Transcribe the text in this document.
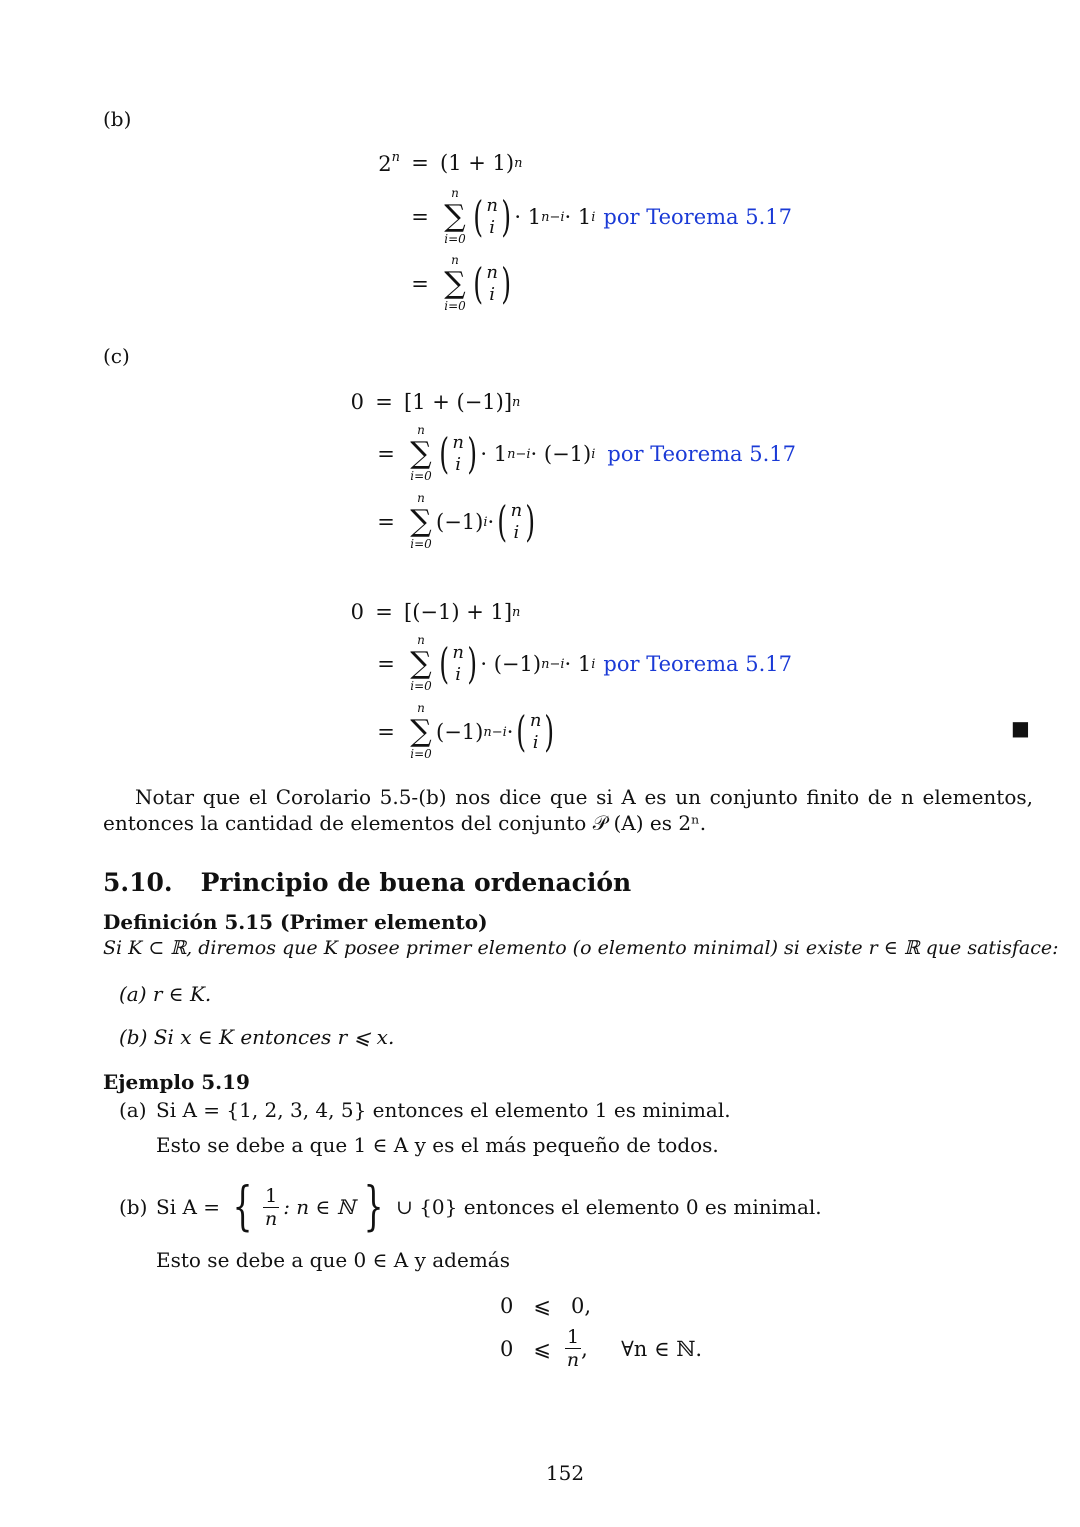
(b)
$2^n = (1 + 1)$ n
=
n
∑
i=0 ( n
i ) · 1 n−i · 1 i por Teorema 5.17
=
n
∑
i=0 ( n
i )
(c)
0 = [1 + (−1)] n
=
n
∑
i=0 ( n
i ) · 1 n−i · (−1) i por Teorema 5.17
=
n
∑
i=0
(−1) i · ( n
i )
0 = [(−1) + 1] n
=
n
∑
i=0 ( n
i ) · (−1) n−i · 1 i por Teorema 5.17
=
n
∑
i=0
(−1) n−i · ( n
i )	■
Notar que el Corolario 5.5-(b) nos dice que si A es un conjunto finito de n elementos, entonces la cantidad de elementos del conjunto 𝒫 (A) es 2ⁿ.
5.10. Principio de buena ordenación
Definición 5.15 (Primer elemento)
Si K ⊂ ℝ, diremos que K posee primer elemento (o elemento minimal) si existe r ∈ ℝ que satisface:
(a) r ∈ K.
(b) Si x ∈ K entonces r ⩽ x.
Ejemplo 5.19
(a) Si A = {1, 2, 3, 4, 5} entonces el elemento 1 es minimal.
Esto se debe a que 1 ∈ A y es el más pequeño de todos.
(b) Si A = { $\frac{1}{n}$ : n ∈ ℕ } ∪ {0} entonces el elemento 0 es minimal.
Esto se debe a que 0 ∈ A y además
0   ⩽   0,
0   ⩽ $\frac{1}{n}$ ,     ∀n ∈ ℕ.
152
